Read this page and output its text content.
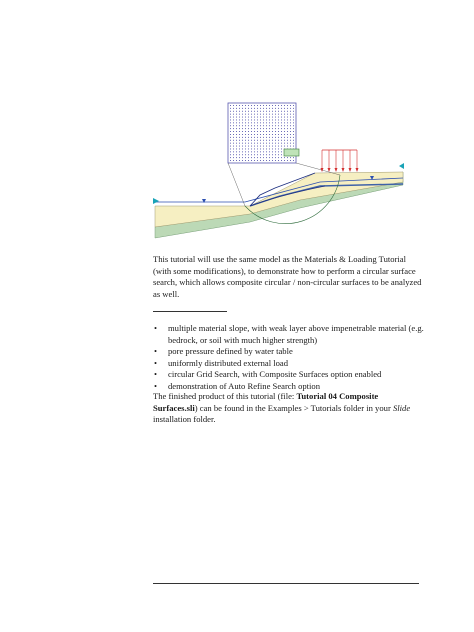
This tutorial will use the same model as the Materials & Loading Tutorial (with some modifications), to demonstrate how to perform a circular surface search, which allows composite circular / non-circular surfaces to be analyzed as well.

• multiple material slope, with weak layer above impenetrable material (e.g. bedrock, or soil with much higher strength)
• pore pressure defined by water table
• uniformly distributed external load
• circular Grid Search, with Composite Surfaces option enabled
• demonstration of Auto Refine Search option

The finished product of this tutorial (file: Tutorial 04 Composite Surfaces.sli) can be found in the Examples > Tutorials folder in your Slide installation folder.
